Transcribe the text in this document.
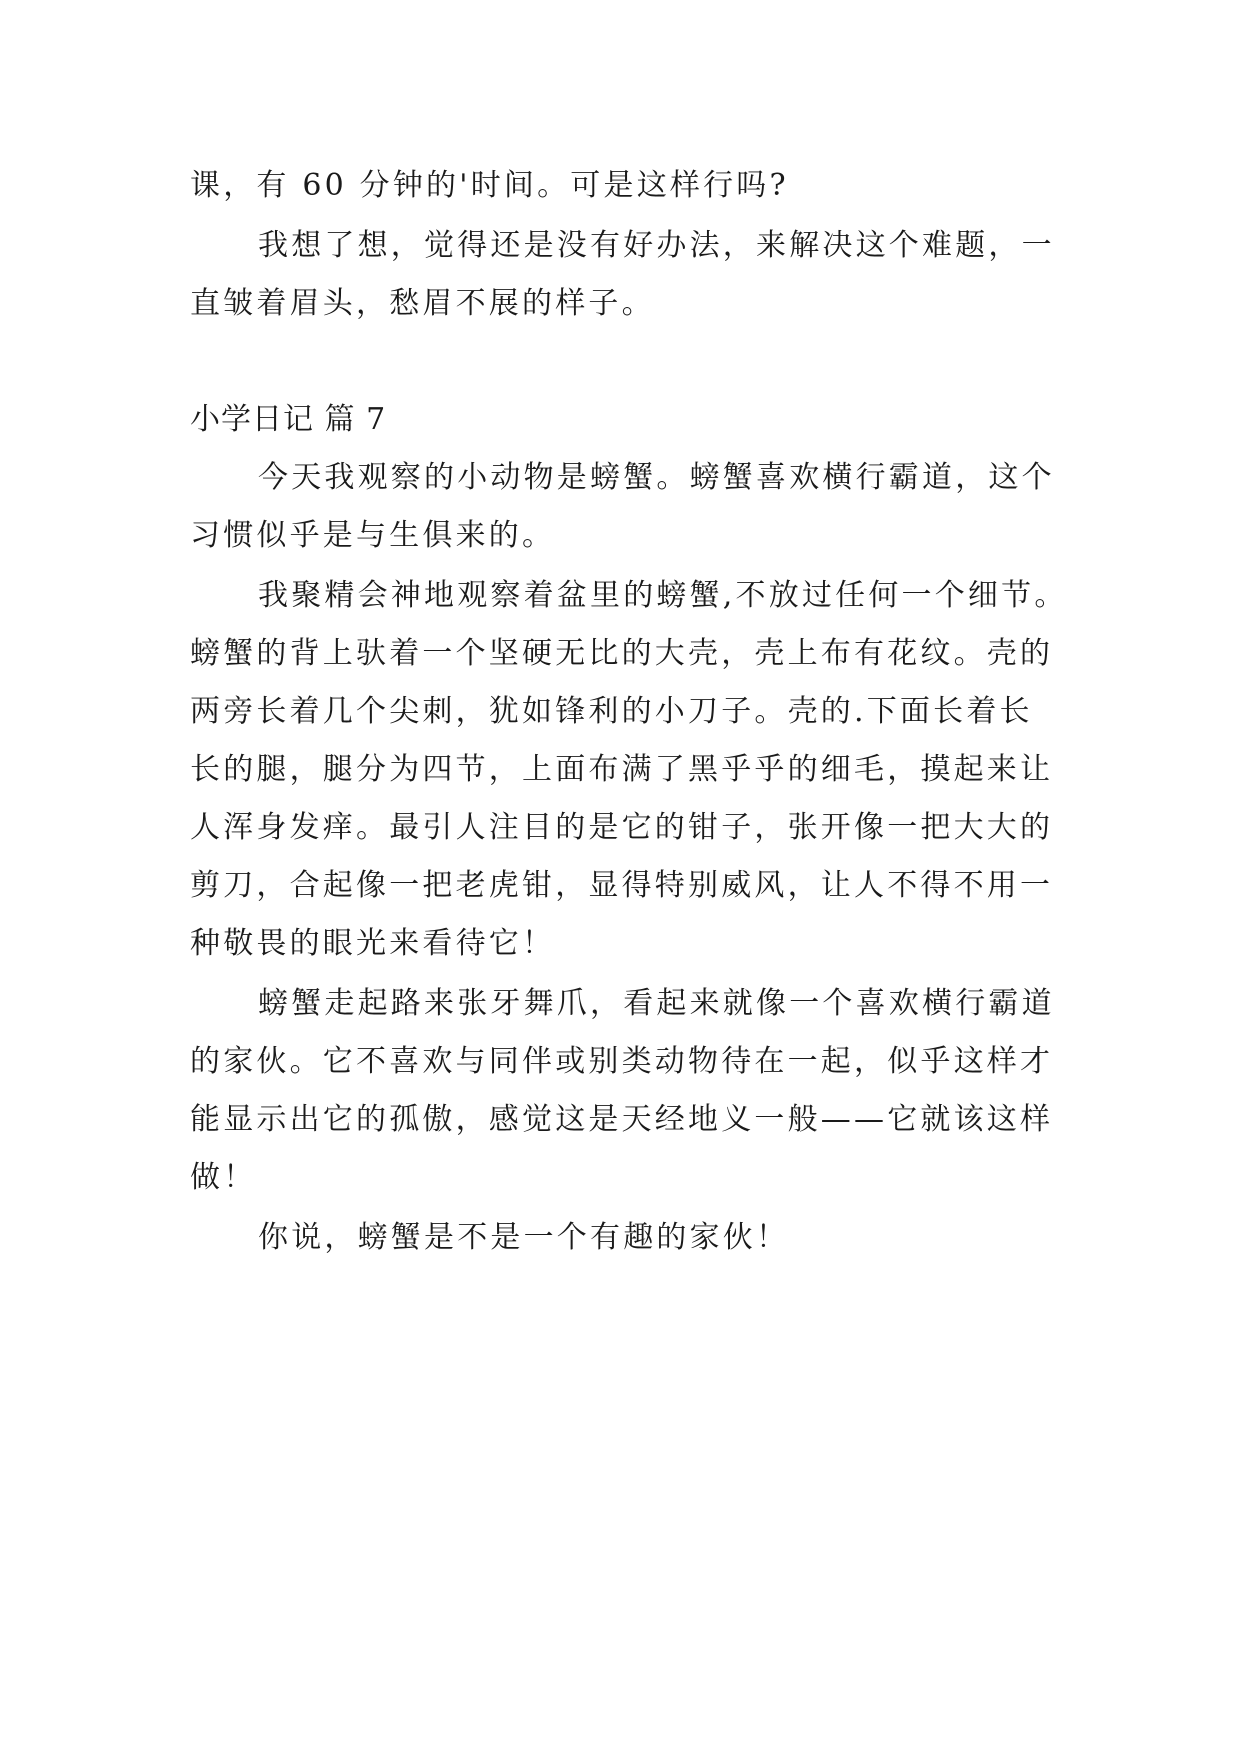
课，有 60 分钟的'时间。可是这样行吗?
我想了想，觉得还是没有好办法，来解决这个难题，一
直皱着眉头，愁眉不展的样子。
小学日记 篇 7
今天我观察的小动物是螃蟹。螃蟹喜欢横行霸道，这个
习惯似乎是与生俱来的。
我聚精会神地观察着盆里的螃蟹,不放过任何一个细节。
螃蟹的背上驮着一个坚硬无比的大壳，壳上布有花纹。壳的
两旁长着几个尖刺，犹如锋利的小刀子。壳的.下面长着长
长的腿，腿分为四节，上面布满了黑乎乎的细毛，摸起来让
人浑身发痒。最引人注目的是它的钳子，张开像一把大大的
剪刀，合起像一把老虎钳，显得特别威风，让人不得不用一
种敬畏的眼光来看待它！
螃蟹走起路来张牙舞爪，看起来就像一个喜欢横行霸道
的家伙。它不喜欢与同伴或别类动物待在一起，似乎这样才
能显示出它的孤傲，感觉这是天经地义一般——它就该这样
做！
你说，螃蟹是不是一个有趣的家伙！
